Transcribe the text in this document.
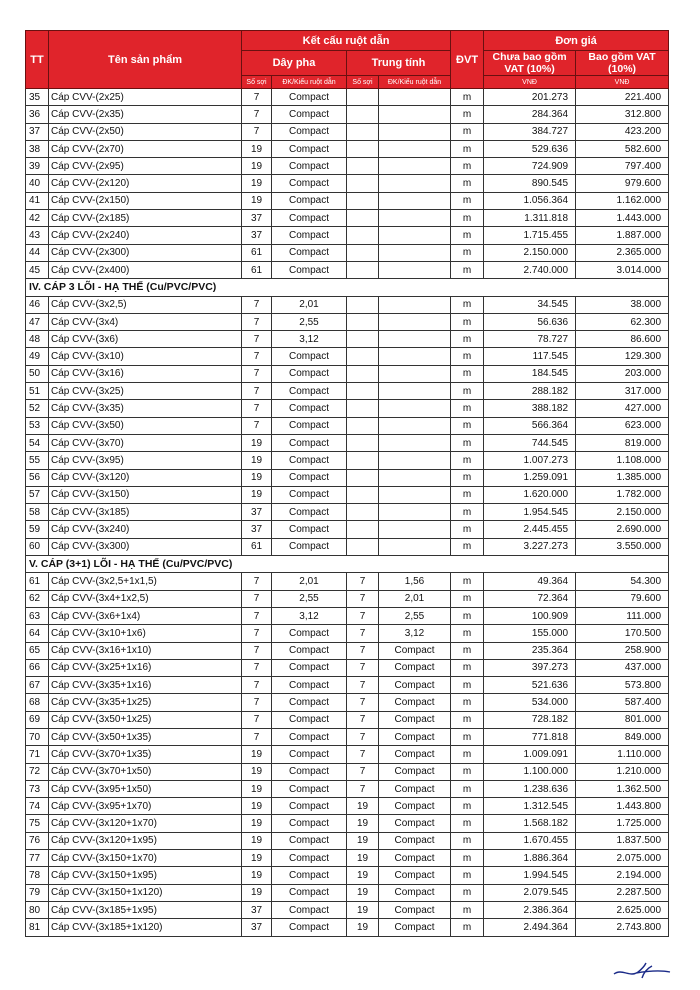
TT	Tên sản phẩm	Kết cấu ruột dẫn				ĐVT	Đơn giá	
		Dây pha		Trung tính			Chưa bao gồm VAT (10%)	Bao gồm VAT (10%)
		Số sợi	ĐK/Kiểu ruột dẫn	Số sợi	ĐK/Kiểu ruột dẫn		VNĐ	VNĐ
35	Cáp CVV-(2x25)	7	Compact			m	201.273	221.400
36	Cáp CVV-(2x35)	7	Compact			m	284.364	312.800
37	Cáp CVV-(2x50)	7	Compact			m	384.727	423.200
38	Cáp CVV-(2x70)	19	Compact			m	529.636	582.600
39	Cáp CVV-(2x95)	19	Compact			m	724.909	797.400
40	Cáp CVV-(2x120)	19	Compact			m	890.545	979.600
41	Cáp CVV-(2x150)	19	Compact			m	1.056.364	1.162.000
42	Cáp CVV-(2x185)	37	Compact			m	1.311.818	1.443.000
43	Cáp CVV-(2x240)	37	Compact			m	1.715.455	1.887.000
44	Cáp CVV-(2x300)	61	Compact			m	2.150.000	2.365.000
45	Cáp CVV-(2x400)	61	Compact			m	2.740.000	3.014.000
IV. CÁP 3 LÕI - HẠ THẾ (Cu/PVC/PVC)								
46	Cáp CVV-(3x2,5)	7	2,01			m	34.545	38.000
47	Cáp CVV-(3x4)	7	2,55			m	56.636	62.300
48	Cáp CVV-(3x6)	7	3,12			m	78.727	86.600
49	Cáp CVV-(3x10)	7	Compact			m	117.545	129.300
50	Cáp CVV-(3x16)	7	Compact			m	184.545	203.000
51	Cáp CVV-(3x25)	7	Compact			m	288.182	317.000
52	Cáp CVV-(3x35)	7	Compact			m	388.182	427.000
53	Cáp CVV-(3x50)	7	Compact			m	566.364	623.000
54	Cáp CVV-(3x70)	19	Compact			m	744.545	819.000
55	Cáp CVV-(3x95)	19	Compact			m	1.007.273	1.108.000
56	Cáp CVV-(3x120)	19	Compact			m	1.259.091	1.385.000
57	Cáp CVV-(3x150)	19	Compact			m	1.620.000	1.782.000
58	Cáp CVV-(3x185)	37	Compact			m	1.954.545	2.150.000
59	Cáp CVV-(3x240)	37	Compact			m	2.445.455	2.690.000
60	Cáp CVV-(3x300)	61	Compact			m	3.227.273	3.550.000
V. CÁP (3+1) LÕI - HẠ THẾ (Cu/PVC/PVC)								
61	Cáp CVV-(3x2,5+1x1,5)	7	2,01	7	1,56	m	49.364	54.300
62	Cáp CVV-(3x4+1x2,5)	7	2,55	7	2,01	m	72.364	79.600
63	Cáp CVV-(3x6+1x4)	7	3,12	7	2,55	m	100.909	111.000
64	Cáp CVV-(3x10+1x6)	7	Compact	7	3,12	m	155.000	170.500
65	Cáp CVV-(3x16+1x10)	7	Compact	7	Compact	m	235.364	258.900
66	Cáp CVV-(3x25+1x16)	7	Compact	7	Compact	m	397.273	437.000
67	Cáp CVV-(3x35+1x16)	7	Compact	7	Compact	m	521.636	573.800
68	Cáp CVV-(3x35+1x25)	7	Compact	7	Compact	m	534.000	587.400
69	Cáp CVV-(3x50+1x25)	7	Compact	7	Compact	m	728.182	801.000
70	Cáp CVV-(3x50+1x35)	7	Compact	7	Compact	m	771.818	849.000
71	Cáp CVV-(3x70+1x35)	19	Compact	7	Compact	m	1.009.091	1.110.000
72	Cáp CVV-(3x70+1x50)	19	Compact	7	Compact	m	1.100.000	1.210.000
73	Cáp CVV-(3x95+1x50)	19	Compact	7	Compact	m	1.238.636	1.362.500
74	Cáp CVV-(3x95+1x70)	19	Compact	19	Compact	m	1.312.545	1.443.800
75	Cáp CVV-(3x120+1x70)	19	Compact	19	Compact	m	1.568.182	1.725.000
76	Cáp CVV-(3x120+1x95)	19	Compact	19	Compact	m	1.670.455	1.837.500
77	Cáp CVV-(3x150+1x70)	19	Compact	19	Compact	m	1.886.364	2.075.000
78	Cáp CVV-(3x150+1x95)	19	Compact	19	Compact	m	1.994.545	2.194.000
79	Cáp CVV-(3x150+1x120)	19	Compact	19	Compact	m	2.079.545	2.287.500
80	Cáp CVV-(3x185+1x95)	37	Compact	19	Compact	m	2.386.364	2.625.000
81	Cáp CVV-(3x185+1x120)	37	Compact	19	Compact	m	2.494.364	2.743.800
